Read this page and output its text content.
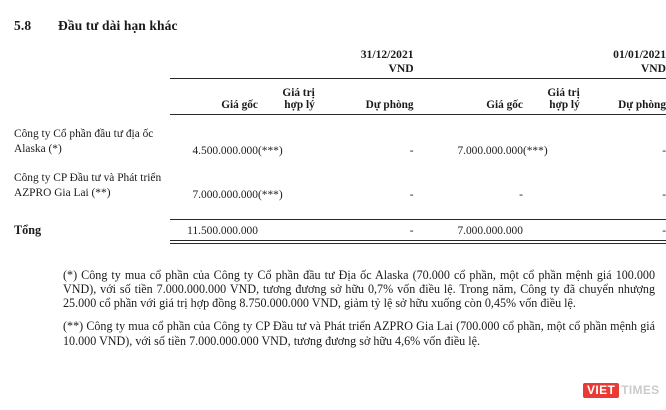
5.8 Đầu tư dài hạn khác
	31/12/2021				01/01/2021		
	VND				VND		

		Giá trị				Giá trị	
	Giá gốc	hợp lý	Dự phòng		Giá gốc	hợp lý	Dự phòng

Công ty Cổ phần đầu tư địa ốc Alaska (*)	4.500.000.000	(***)	-		7.000.000.000	(***)	-
Công ty CP Đầu tư và Phát triển AZPRO Gia Lai (**)	7.000.000.000	(***)	-		-		-

Tổng	11.500.000.000		-		7.000.000.000		-

(*) Công ty mua cổ phần của Công ty Cổ phần đầu tư Địa ốc Alaska (70.000 cổ phần, một cổ phần mệnh giá 100.000 VND), với số tiền 7.000.000.000 VND, tương đương sở hữu 0,7% vốn điều lệ. Trong năm, Công ty đã chuyển nhượng 25.000 cổ phần với giá trị hợp đồng 8.750.000.000 VND, giảm tỷ lệ sở hữu xuống còn 0,45% vốn điều lệ.

(**) Công ty mua cổ phần của Công ty CP Đầu tư và Phát triển AZPRO Gia Lai (700.000 cổ phần, một cổ phần mệnh giá 10.000 VND), với số tiền 7.000.000.000 VND, tương đương sở hữu 4,6% vốn điều lệ.

VIET TIMES
